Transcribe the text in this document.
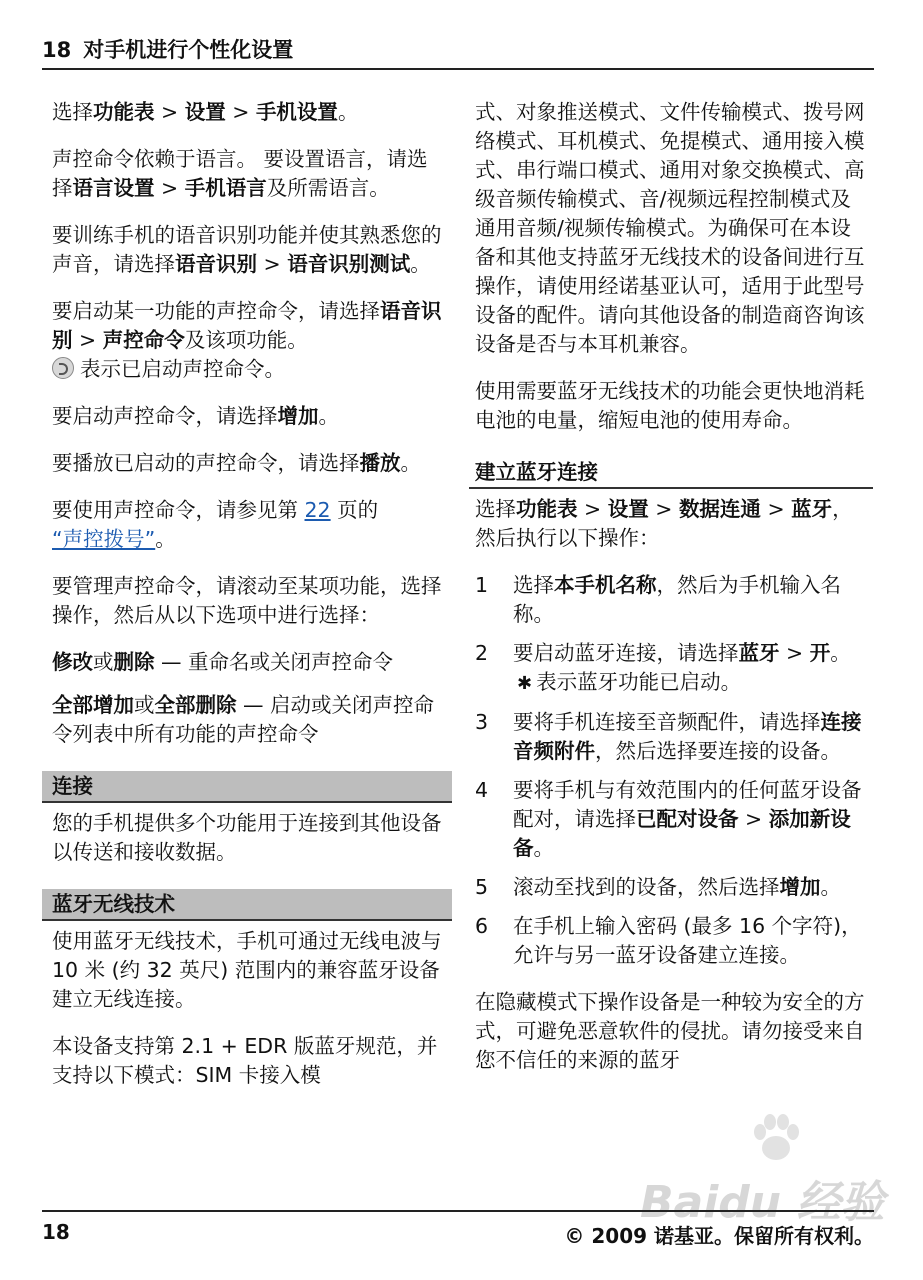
18 对手机进行个性化设置

选择功能表 > 设置 > 手机设置。

声控命令依赖于语言。 要设置语言，请选择语言设置 > 手机语言及所需语言。

要训练手机的语音识别功能并使其熟悉您的声音，请选择语音识别 > 语音识别测试。

要启动某一功能的声控命令，请选择语音识别 > 声控命令及该项功能。
表示已启动声控命令。

要启动声控命令，请选择增加。

要播放已启动的声控命令，请选择播放。

要使用声控命令，请参见第 22 页的
“声控拨号”。

要管理声控命令，请滚动至某项功能，选择操作，然后从以下选项中进行选择：

修改或删除 — 重命名或关闭声控命令
全部增加或全部删除 — 启动或关闭声控命令列表中所有功能的声控命令
连接

您的手机提供多个功能用于连接到其他设备以传送和接收数据。

蓝牙无线技术

使用蓝牙无线技术，手机可通过无线电波与 10 米 (约 32 英尺) 范围内的兼容蓝牙设备建立无线连接。

本设备支持第 2.1 + EDR 版蓝牙规范，并支持以下模式：SIM 卡接入模

式、对象推送模式、文件传输模式、拨号网络模式、耳机模式、免提模式、通用接入模式、串行端口模式、通用对象交换模式、高级音频传输模式、音/视频远程控制模式及通用音频/视频传输模式。为确保可在本设备和其他支持蓝牙无线技术的设备间进行互操作，请使用经诺基亚认可，适用于此型号设备的配件。请向其他设备的制造商咨询该设备是否与本耳机兼容。

使用需要蓝牙无线技术的功能会更快地消耗电池的电量，缩短电池的使用寿命。

建立蓝牙连接

选择功能表 > 设置 > 数据连通 > 蓝牙，然后执行以下操作：

1	选择本手机名称，然后为手机输入名称。
2	要启动蓝牙连接，请选择蓝牙 > 开。✱ 表示蓝牙功能已启动。
3	要将手机连接至音频配件，请选择连接音频附件，然后选择要连接的设备。
4	要将手机与有效范围内的任何蓝牙设备配对，请选择已配对设备 > 添加新设备。
5	滚动至找到的设备，然后选择增加。
6	在手机上输入密码 (最多 16 个字符)，允许与另一蓝牙设备建立连接。

在隐藏模式下操作设备是一种较为安全的方式，可避免恶意软件的侵扰。请勿接受来自您不信任的来源的蓝牙

Baidu 经验
18	© 2009 诺基亚。保留所有权利。
